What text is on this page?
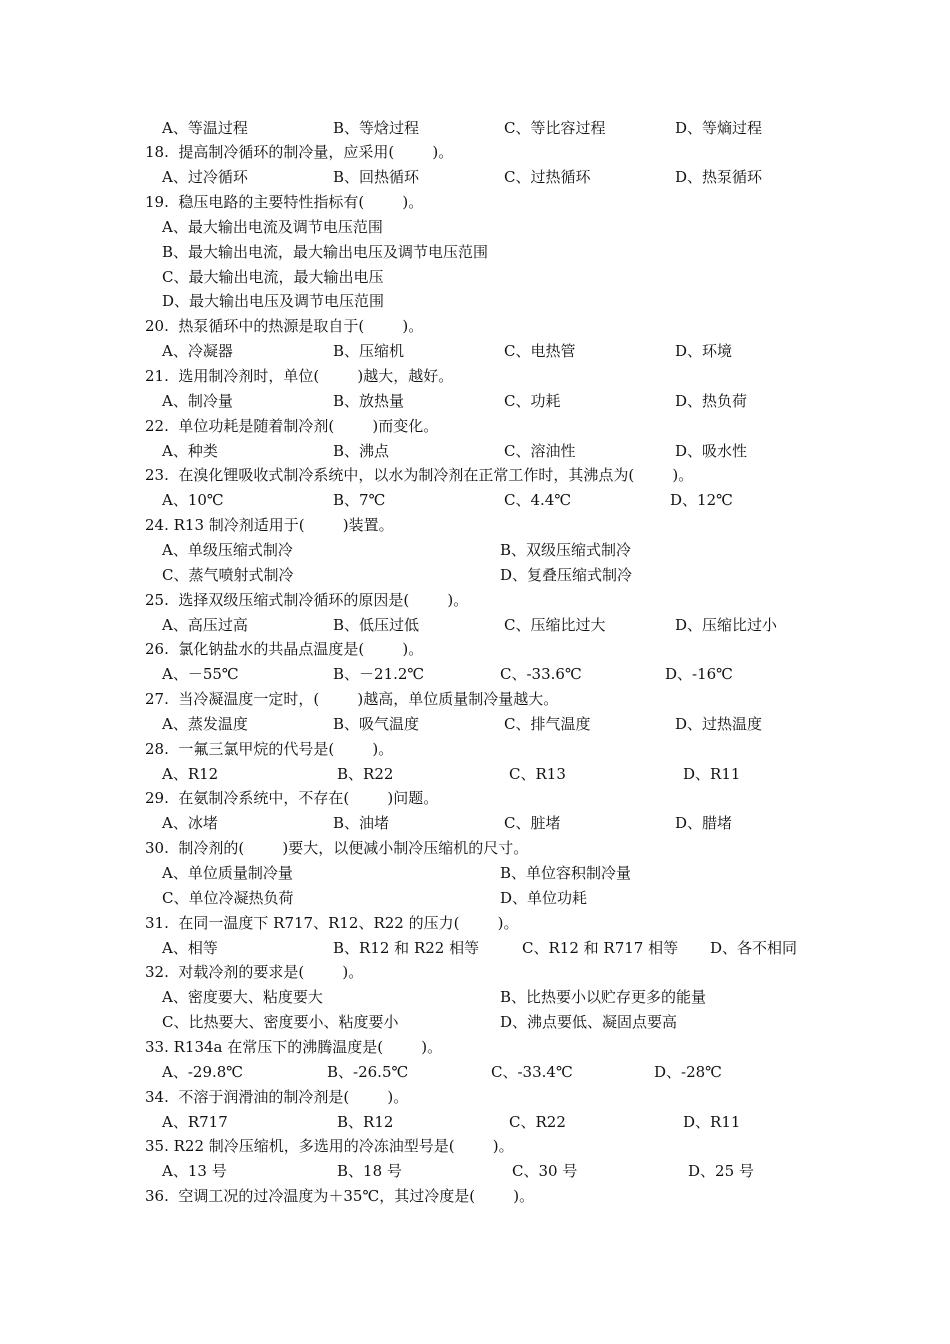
A、等温过程	B、等焓过程	C、等比容过程	D、等熵过程
18.  提高制冷循环的制冷量，应采用(        )。
A、过冷循环	B、回热循环	C、过热循环	D、热泵循环
19.  稳压电路的主要特性指标有(        )。
A、最大输出电流及调节电压范围
B、最大输出电流，最大输出电压及调节电压范围
C、最大输出电流，最大输出电压
D、最大输出电压及调节电压范围
20.  热泵循环中的热源是取自于(        )。
A、冷凝器	B、压缩机	C、电热管	D、环境
21.  选用制冷剂时，单位(        )越大，越好。
A、制冷量	B、放热量	C、功耗	D、热负荷
22.  单位功耗是随着制冷剂(        )而变化。
A、种类	B、沸点	C、溶油性	D、吸水性
23.  在溴化锂吸收式制冷系统中，以水为制冷剂在正常工作时，其沸点为(        )。
A、10℃	B、7℃	C、4.4℃	D、12℃
24. R13 制冷剂适用于(        )装置。
A、单级压缩式制冷	B、双级压缩式制冷
C、蒸气喷射式制冷	D、复叠压缩式制冷
25.  选择双级压缩式制冷循环的原因是(        )。
A、高压过高	B、低压过低	C、压缩比过大	D、压缩比过小
26.  氯化钠盐水的共晶点温度是(        )。
A、－55℃	B、－21.2℃	C、-33.6℃	D、-16℃
27.  当冷凝温度一定时，(        )越高，单位质量制冷量越大。
A、蒸发温度	B、吸气温度	C、排气温度	D、过热温度
28.  一氟三氯甲烷的代号是(        )。
A、R12	B、R22	C、R13	D、R11
29.  在氨制冷系统中，不存在(        )问题。
A、冰堵	B、油堵	C、脏堵	D、腊堵
30.  制冷剂的(        )要大，以便减小制冷压缩机的尺寸。
A、单位质量制冷量	B、单位容积制冷量
C、单位冷凝热负荷	D、单位功耗
31.  在同一温度下 R717、R12、R22 的压力(        )。
A、相等	B、R12 和 R22 相等	C、R12 和 R717 相等 D、各不相同
32.  对载冷剂的要求是(        )。
A、密度要大、粘度要大	B、比热要小以贮存更多的能量
C、比热要大、密度要小、粘度要小	D、沸点要低、凝固点要高
33. R134a 在常压下的沸腾温度是(        )。
A、-29.8℃	B、-26.5℃	C、-33.4℃	D、-28℃
34.  不溶于润滑油的制冷剂是(        )。
A、R717	B、R12	C、R22	D、R11
35. R22 制冷压缩机，多选用的冷冻油型号是(        )。
A、13 号	B、18 号	C、30 号	D、25 号
36.  空调工况的过冷温度为＋35℃，其过冷度是(        )。
